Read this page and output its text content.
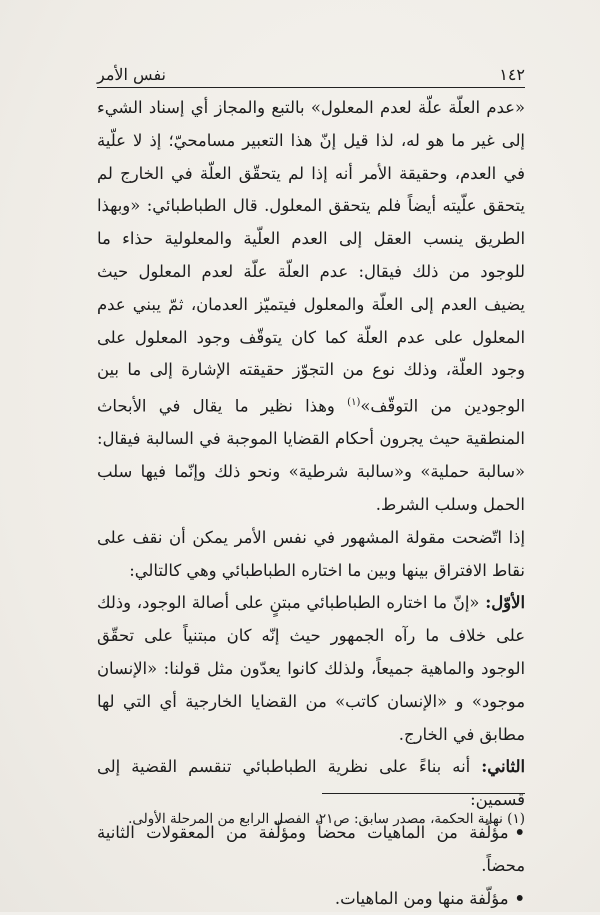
١٤٢
نفس الأمر

«عدم العلّة علّة لعدم المعلول» بالتبع والمجاز أي إسناد الشيء إلى غير ما هو له، لذا قيل إنّ هذا التعبير مسامحيّ؛ إذ لا علّية في العدم، وحقيقة الأمر أنه إذا لم يتحقّق العلّة في الخارج لم يتحقق علّيته أيضاً فلم يتحقق المعلول. قال الطباطبائي: «وبهذا الطريق ينسب العقل إلى العدم العلّية والمعلولية حذاء ما للوجود من ذلك فيقال: عدم العلّة علّة لعدم المعلول حيث يضيف العدم إلى العلّة والمعلول فيتميّز العدمان، ثمّ يبني عدم المعلول على عدم العلّة كما كان يتوقّف وجود المعلول على وجود العلّة، وذلك نوع من التجوّز حقيقته الإشارة إلى ما بين الوجودين من التوقّف»$^{(١)}$ وهذا نظير ما يقال في الأبحاث المنطقية حيث يجرون أحكام القضايا الموجبة في السالبة فيقال: «سالبة حملية» و«سالبة شرطية» ونحو ذلك وإنّما فيها سلب الحمل وسلب الشرط.

إذا اتّضحت مقولة المشهور في نفس الأمر يمكن أن نقف على نقاط الافتراق بينها وبين ما اختاره الطباطبائي وهي كالتالي:

الأوّل: «إنّ ما اختاره الطباطبائي مبتنٍ على أصالة الوجود، وذلك على خلاف ما رآه الجمهور حيث إنّه كان مبتنياً على تحقّق الوجود والماهية جميعاً، ولذلك كانوا يعدّون مثل قولنا: «الإنسان موجود» و «الإنسان كاتب» من القضايا الخارجية أي التي لها مطابق في الخارج.

الثاني: أنه بناءً على نظرية الطباطبائي تنقسم القضية إلى قسمين:

•مؤلّفة من الماهيات محضاً ومؤلّفة من المعقولات الثانية محضاً.
•مؤلّفة منها ومن الماهيات.

(١) نهاية الحكمة، مصدر سابق: ص٢١، الفصل الرابع من المرحلة الأولى.
